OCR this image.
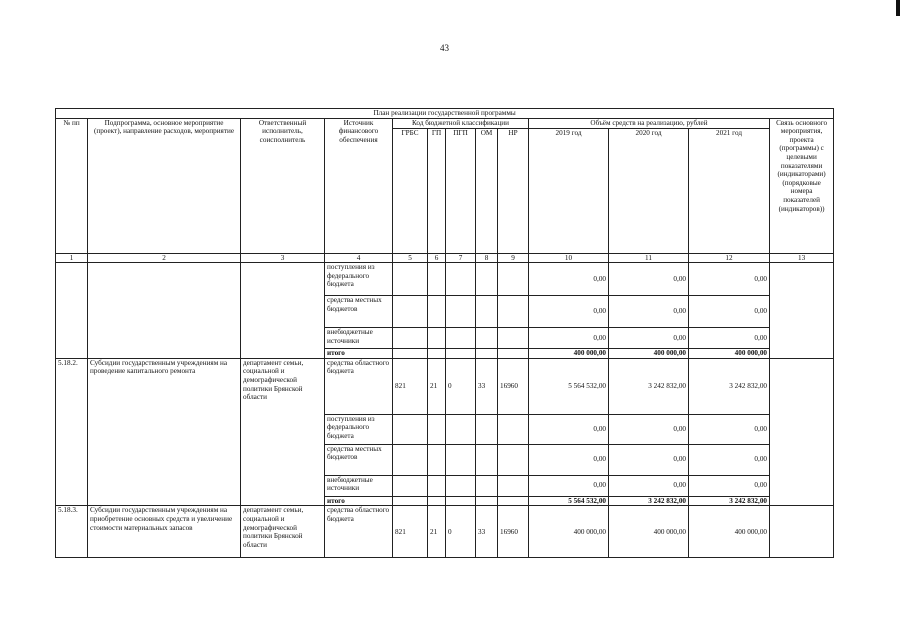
43
План реализации государственной программы												
№ пп	Подпрограмма, основное мероприятие (проект), направление расходов, мероприятие	Ответственный исполнитель, соисполнитель	Источник финансового обеспечения	Код бюджетной классификации					Объём средств на реализацию, рублей			Связь основного мероприятия, проекта (программы) с целевыми показателями (индикаторами) (порядковые номера показателей (индикаторов))
				ГРБС	ГП	ПГП	ОМ	НР	2019 год	2020 год	2021 год	
1	2	3	4	5	6	7	8	9	10	11	12	13
			поступления из федерального бюджета						0,00	0,00	0,00	
			средства местных бюджетов						0,00	0,00	0,00	
			внебюджетные источники						0,00	0,00	0,00	
			итого						400 000,00	400 000,00	400 000,00	
5.18.2.	Субсидии государственным учреждениям на проведение капитального ремонта	департамент семьи, социальной и демографической политики Брянской области	средства областного бюджета	821	21	0	33	16960	5 564 532,00	3 242 832,00	3 242 832,00	
			поступления из федерального бюджета						0,00	0,00	0,00	
			средства местных бюджетов						0,00	0,00	0,00	
			внебюджетные источники						0,00	0,00	0,00	
			итого						5 564 532,00	3 242 832,00	3 242 832,00	
5.18.3.	Субсидии государственным учреждениям на приобретение основных средств и увеличение стоимости материальных запасов	департамент семьи, социальной и демографической политики Брянской области	средства областного бюджета	821	21	0	33	16960	400 000,00	400 000,00	400 000,00	
